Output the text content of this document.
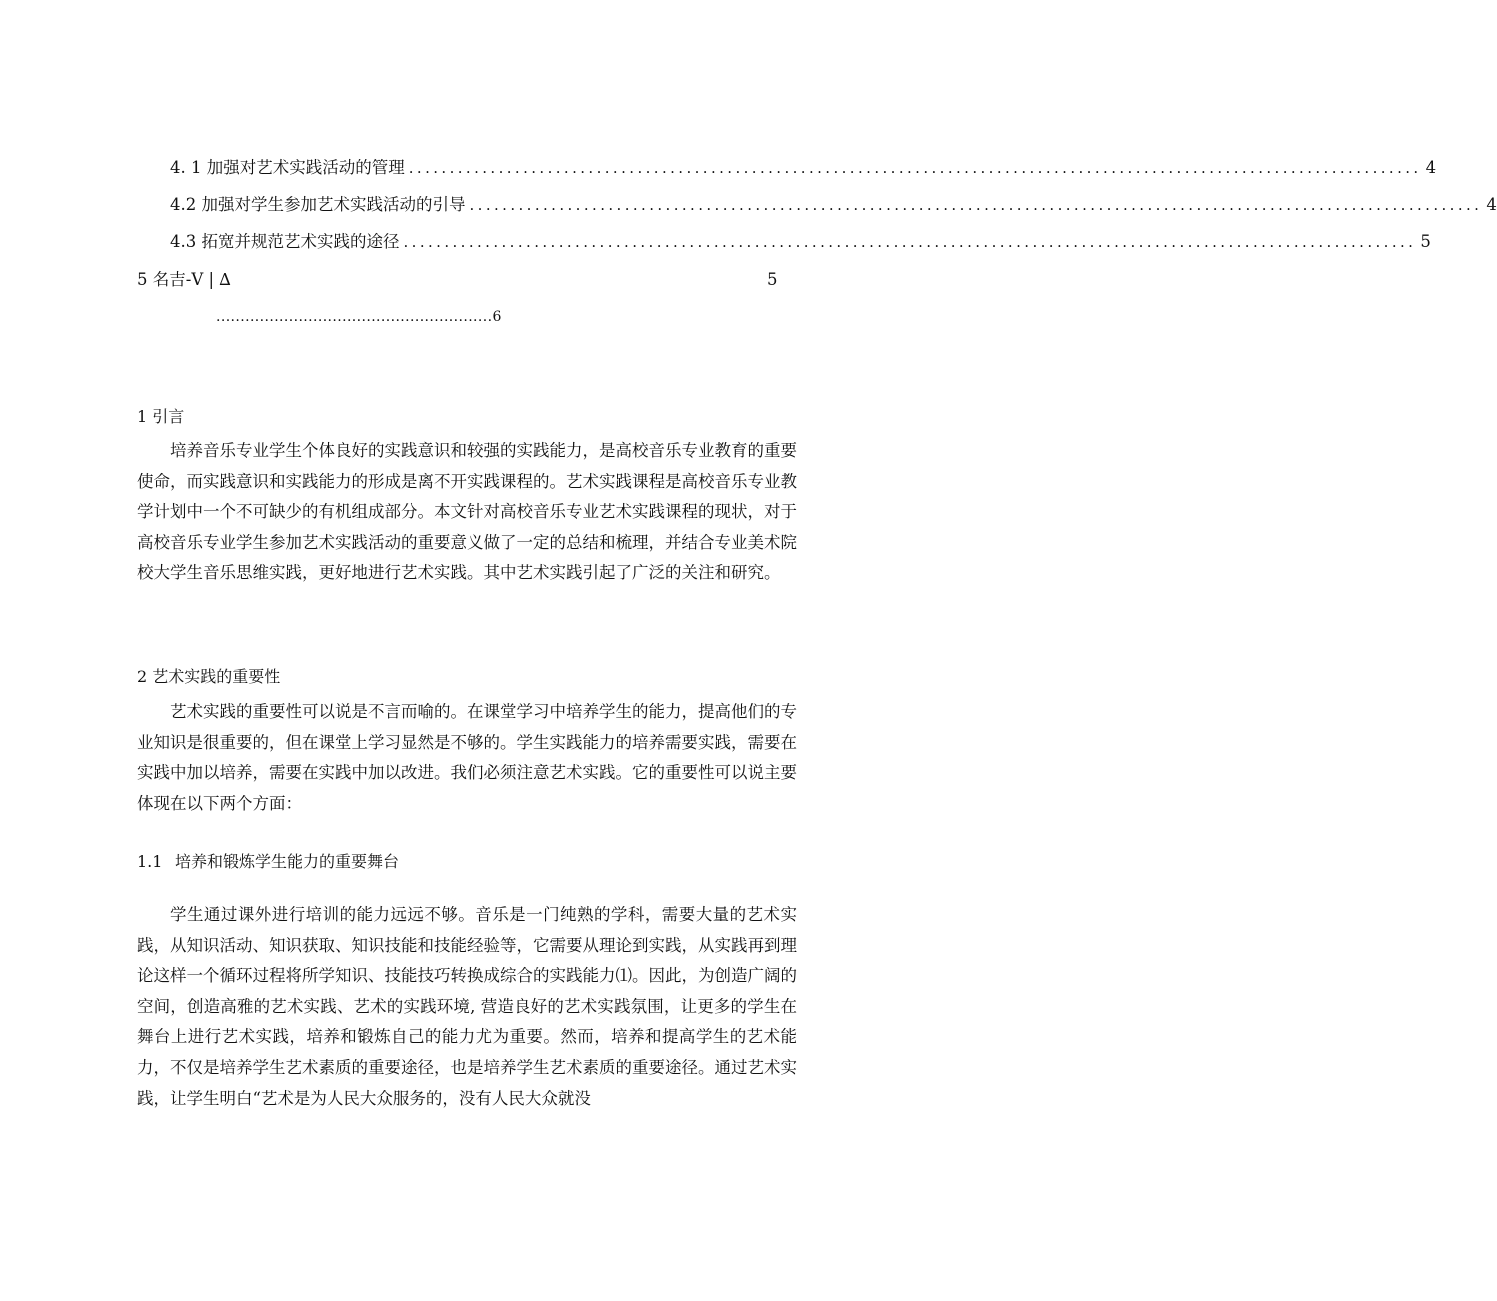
4. 1 加强对艺术实践活动的管理 ............................................................................................................................ 4
4.2 加强对学生参加艺术实践活动的引导 ............................................................................................................................ 4
4.3 拓宽并规范艺术实践的途径 ............................................................................................................................ 5
5 名吉-V | ∆	5
.........................................................6
1 引言

培养音乐专业学生个体良好的实践意识和较强的实践能力，是高校音乐专业教育的重要使命，而实践意识和实践能力的形成是离不开实践课程的。艺术实践课程是高校音乐专业教学计划中一个不可缺少的有机组成部分。本文针对高校音乐专业艺术实践课程的现状，对于高校音乐专业学生参加艺术实践活动的重要意义做了一定的总结和梳理，并结合专业美术院校大学生音乐思维实践，更好地进行艺术实践。其中艺术实践引起了广泛的关注和研究。

2 艺术实践的重要性

艺术实践的重要性可以说是不言而喻的。在课堂学习中培养学生的能力，提高他们的专业知识是很重要的，但在课堂上学习显然是不够的。学生实践能力的培养需要实践，需要在实践中加以培养，需要在实践中加以改进。我们必须注意艺术实践。它的重要性可以说主要体现在以下两个方面：

1.1 培养和锻炼学生能力的重要舞台

学生通过课外进行培训的能力远远不够。音乐是一门纯熟的学科，需要大量的艺术实践，从知识活动、知识获取、知识技能和技能经验等，它需要从理论到实践，从实践再到理论这样一个循环过程将所学知识、技能技巧转换成综合的实践能力⑴。因此，为创造广阔的空间，创造高雅的艺术实践、艺术的实践环境, 营造良好的艺术实践氛围，让更多的学生在舞台上进行艺术实践，培养和锻炼自己的能力尤为重要。然而，培养和提高学生的艺术能力，不仅是培养学生艺术素质的重要途径，也是培养学生艺术素质的重要途径。通过艺术实践，让学生明白“艺术是为人民大众服务的，没有人民大众就没
